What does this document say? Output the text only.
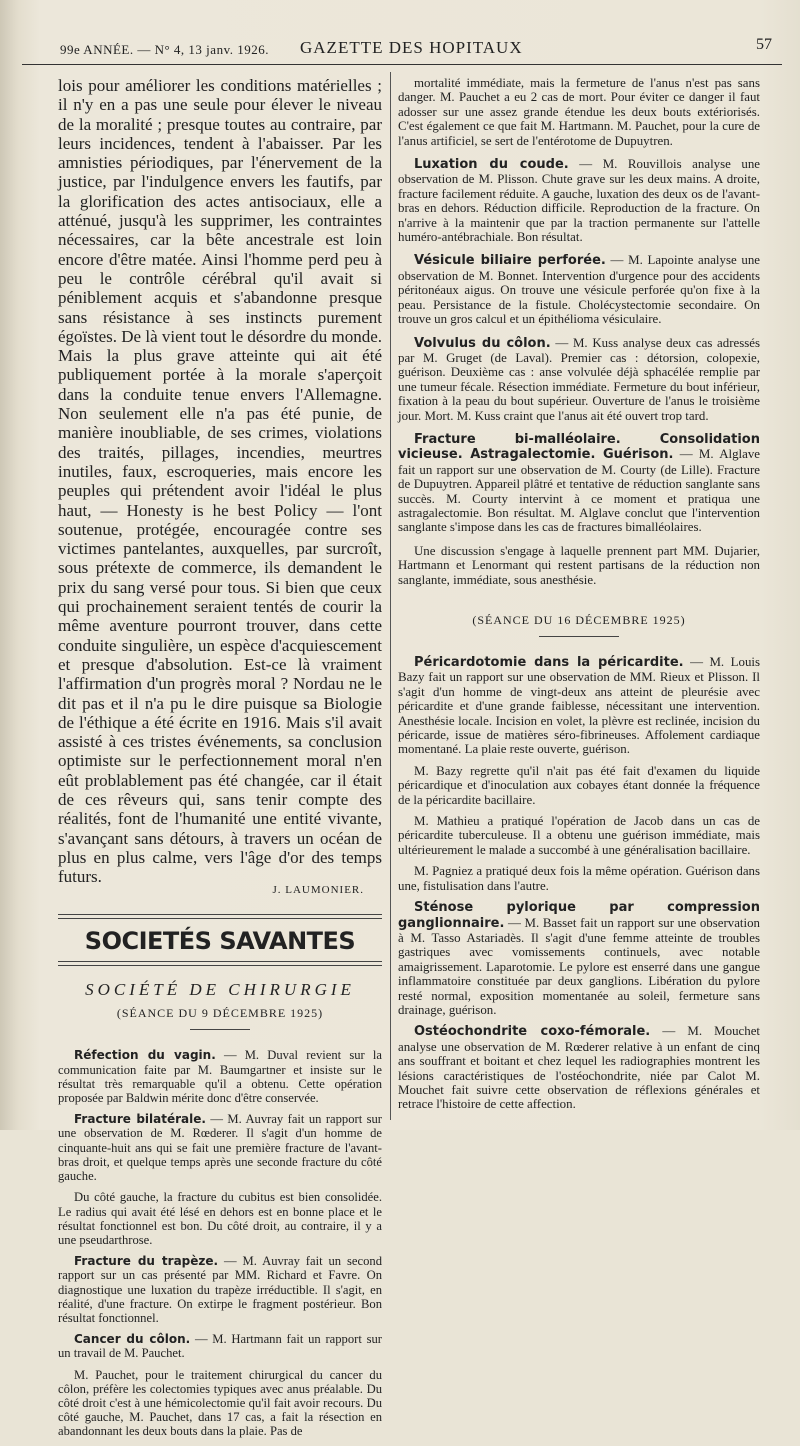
99e ANNÉE. — N° 4, 13 janv. 1926. GAZETTE DES HOPITAUX	57

lois pour améliorer les conditions matérielles ; il n'y en a pas une seule pour élever le niveau de la moralité ; presque toutes au contraire, par leurs incidences, tendent à l'abaisser. Par les amnisties périodiques, par l'énervement de la justice, par l'indulgence envers les fautifs, par la glorification des actes antisociaux, elle a atténué, jusqu'à les supprimer, les contraintes nécessaires, car la bête ancestrale est loin encore d'être matée. Ainsi l'homme perd peu à peu le contrôle cérébral qu'il avait si péniblement acquis et s'abandonne presque sans résistance à ses instincts purement égoïstes. De là vient tout le désordre du monde. Mais la plus grave atteinte qui ait été publiquement portée à la morale s'aperçoit dans la conduite tenue envers l'Allemagne. Non seulement elle n'a pas été punie, de manière inoubliable, de ses crimes, violations des traités, pillages, incendies, meurtres inutiles, faux, escroqueries, mais encore les peuples qui prétendent avoir l'idéal le plus haut, — Honesty is he best Policy — l'ont soutenue, protégée, encouragée contre ses victimes pantelantes, auxquelles, par surcroît, sous prétexte de commerce, ils demandent le prix du sang versé pour tous. Si bien que ceux qui prochainement seraient tentés de courir la même aventure pourront trouver, dans cette conduite singulière, un espèce d'acquiescement et presque d'absolution. Est-ce là vraiment l'affirmation d'un progrès moral ? Nordau ne le dit pas et il n'a pu le dire puisque sa Biologie de l'éthique a été écrite en 1916. Mais s'il avait assisté à ces tristes événements, sa conclusion optimiste sur le perfectionnement moral n'en eût problablement pas été changée, car il était de ces rêveurs qui, sans tenir compte des réalités, font de l'humanité une entité vivante, s'avançant sans détours, à travers un océan de plus en plus calme, vers l'âge d'or des temps futurs.

J. LAUMONIER.
SOCIETÉS SAVANTES
SOCIÉTÉ DE CHIRURGIE
(SÉANCE DU 9 DÉCEMBRE 1925)

Réfection du vagin. — M. Duval revient sur la communication faite par M. Baumgartner et insiste sur le résultat très remarquable qu'il a obtenu. Cette opération proposée par Baldwin mérite donc d'être conservée.

Fracture bilatérale. — M. Auvray fait un rapport sur une observation de M. Rœderer. Il s'agit d'un homme de cinquante-huit ans qui se fait une première fracture de l'avant-bras droit, et quelque temps après une seconde fracture du côté gauche.

Du côté gauche, la fracture du cubitus est bien consolidée. Le radius qui avait été lésé en dehors est en bonne place et le résultat fonctionnel est bon. Du côté droit, au contraire, il y a une pseudarthrose.

Fracture du trapèze. — M. Auvray fait un second rapport sur un cas présenté par MM. Richard et Favre. On diagnostique une luxation du trapèze irréductible. Il s'agit, en réalité, d'une fracture. On extirpe le fragment postérieur. Bon résultat fonctionnel.

Cancer du côlon. — M. Hartmann fait un rapport sur un travail de M. Pauchet.

M. Pauchet, pour le traitement chirurgical du cancer du côlon, préfère les colectomies typiques avec anus préalable. Du côté droit c'est à une hémicolectomie qu'il fait avoir recours. Du côté gauche, M. Pauchet, dans 17 cas, a fait la résection en abandonnant les deux bouts dans la plaie. Pas de

mortalité immédiate, mais la fermeture de l'anus n'est pas sans danger. M. Pauchet a eu 2 cas de mort. Pour éviter ce danger il faut adosser sur une assez grande étendue les deux bouts extériorisés. C'est également ce que fait M. Hartmann. M. Pauchet, pour la cure de l'anus artificiel, se sert de l'entérotome de Dupuytren.

Luxation du coude. — M. Rouvillois analyse une observation de M. Plisson. Chute grave sur les deux mains. A droite, fracture facilement réduite. A gauche, luxation des deux os de l'avant-bras en dehors. Réduction difficile. Reproduction de la fracture. On n'arrive à la maintenir que par la traction permanente sur l'attelle huméro-antébrachiale. Bon résultat.

Vésicule biliaire perforée. — M. Lapointe analyse une observation de M. Bonnet. Intervention d'urgence pour des accidents péritonéaux aigus. On trouve une vésicule perforée qu'on fixe à la peau. Persistance de la fistule. Cholécystectomie secondaire. On trouve un gros calcul et un épithélioma vésiculaire.

Volvulus du côlon. — M. Kuss analyse deux cas adressés par M. Gruget (de Laval). Premier cas : détorsion, colopexie, guérison. Deuxième cas : anse volvulée déjà sphacélée remplie par une tumeur fécale. Résection immédiate. Fermeture du bout inférieur, fixation à la peau du bout supérieur. Ouverture de l'anus le troisième jour. Mort. M. Kuss craint que l'anus ait été ouvert trop tard.

Fracture bi-malléolaire. Consolidation vicieuse. Astragalectomie. Guérison. — M. Alglave fait un rapport sur une observation de M. Courty (de Lille). Fracture de Dupuytren. Appareil plâtré et tentative de réduction sanglante sans succès. M. Courty intervint à ce moment et pratiqua une astragalectomie. Bon résultat. M. Alglave conclut que l'intervention sanglante s'impose dans les cas de fractures bimalléolaires.

Une discussion s'engage à laquelle prennent part MM. Dujarier, Hartmann et Lenormant qui restent partisans de la réduction non sanglante, immédiate, sous anesthésie.

(SÉANCE DU 16 DÉCEMBRE 1925)

Péricardotomie dans la péricardite. — M. Louis Bazy fait un rapport sur une observation de MM. Rieux et Plisson. Il s'agit d'un homme de vingt-deux ans atteint de pleurésie avec péricardite et d'une grande faiblesse, nécessitant une intervention. Anesthésie locale. Incision en volet, la plèvre est reclinée, incision du péricarde, issue de matières séro-fibrineuses. Affolement cardiaque momentané. La plaie reste ouverte, guérison.

M. Bazy regrette qu'il n'ait pas été fait d'examen du liquide péricardique et d'inoculation aux cobayes étant donnée la fréquence de la péricardite bacillaire.

M. Mathieu a pratiqué l'opération de Jacob dans un cas de péricardite tuberculeuse. Il a obtenu une guérison immédiate, mais ultérieurement le malade a succombé à une généralisation bacillaire.

M. Pagniez a pratiqué deux fois la même opération. Guérison dans une, fistulisation dans l'autre.

Sténose pylorique par compression ganglionnaire. — M. Basset fait un rapport sur une observation à M. Tasso Astariadès. Il s'agit d'une femme atteinte de troubles gastriques avec vomissements continuels, avec notable amaigrissement. Laparotomie. Le pylore est enserré dans une gangue inflammatoire constituée par deux ganglions. Libération du pylore resté normal, exposition momentanée au soleil, fermeture sans drainage, guérison.

Ostéochondrite coxo-fémorale. — M. Mouchet analyse une observation de M. Rœderer relative à un enfant de cinq ans souffrant et boitant et chez lequel les radiographies montrent les lésions caractéristiques de l'ostéochondrite, niée par Calot M. Mouchet fait suivre cette observation de réflexions générales et retrace l'histoire de cette affection.
